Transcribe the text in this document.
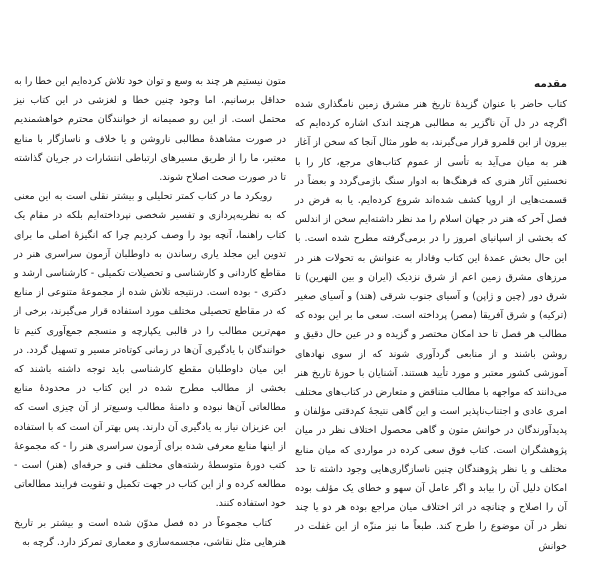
مقدمه

کتاب حاضر با عنوان گزیدهٔ تاریخ هنر مشرق زمین نامگذاری شده اگرچه در دل آن ناگزیر به مطالبی هرچند اندک اشاره کرده‌ایم که بیرون از این قلمرو قرار می‌گیرند، به طور مثال آنجا که سخن از آغاز هنر به میان می‌آید به تأسی از عموم کتاب‌های مرجع، کار را با نخستین آثار هنری که فرهنگ‌ها به ادوار سنگ باژمی‌گردد و بعضاً در قسمت‌هایی از اروپا کشف شده‌اند شروع کرده‌ایم. یا به فرض در فصل آخر که هنر در جهان اسلام را مد نظر داشته‌ایم سخن از اندلس که بخشی از اسپانیای امروز را در برمی‌گرفته مطرح شده است. با این حال بخش عمدهٔ این کتاب وفادار به عنوانش به تحولات هنر در مرزهای مشرق زمین اعم از شرق نزدیک (ایران و بین النهرین) تا شرق دور (چین و ژاپن) و آسیای جنوب شرقی (هند) و آسیای صغیر (ترکیه) و شرق آفریقا (مصر) پرداخته است. سعی ما بر این بوده که مطالب هر فصل تا حد امکان مختصر و گزیده و در عین حال دقیق و روشن باشند و از منابعی گردآوری شوند که از سوی نهادهای آموزشی کشور معتبر و مورد تأیید هستند. آشنایان با حوزهٔ تاریخ هنر می‌دانند که مواجهه با مطالب متناقض و متعارض در کتاب‌های مختلف امری عادی و اجتناب‌ناپذیر است و این گاهی نتیجهٔ کم‌دقتی مؤلفان و پدیدآورندگان در خوانش متون و گاهی محصول اختلاف نظر در میان پژوهشگران است. کتاب فوق سعی کرده در مواردی که میان منابع مختلف و یا نظر پژوهندگان چنین ناسازگاری‌هایی وجود داشته تا حد امکان دلیل آن را بیابد و اگر عامل آن سهو و خطای یک مؤلف بوده آن را اصلاح و چنانچه در اثر اختلاف میان مراجع بوده هر دو یا چند نظر در آن موضوع را طرح کند. طبعاً ما نیز منزّه از این غفلت در خوانش

متون نیستیم هر چند به وسع و توان خود تلاش کرده‌ایم این خطا را به حداقل برسانیم. اما وجود چنین خطا و لغزشی در این کتاب نیز محتمل است. از این رو صمیمانه از خوانندگان محترم خواهشمندیم در صورت مشاهدهٔ مطالبی ناروشن و یا خلاف و ناسازگار با منابع معتبر، ما را از طریق مسیرهای ارتباطی انتشارات در جریان گذاشته تا در صورت صحت اصلاح شوند.

رویکرد ما در کتاب کمتر تحلیلی و بیشتر نقلی است به این معنی که به نظریه‌پردازی و تفسیر شخصی نپرداخته‌ایم بلکه در مقام یک کتاب راهنما، آنچه بود را وصف کردیم چرا که انگیزهٔ اصلی ما برای تدوین این مجلد یاری رساندن به داوطلبان آزمون سراسری هنر در مقاطع کاردانی و کارشناسی و تحصیلات تکمیلی - کارشناسی ارشد و دکتری - بوده است. درنتیجه تلاش شده از مجموعهٔ متنوعی از منابع که در مقاطع تحصیلی مختلف مورد استفاده قرار می‌گیرند، برخی از مهم‌ترین مطالب را در قالبی یکپارچه و منسجم جمع‌آوری کنیم تا خوانندگان با یادگیری آن‌ها در زمانی کوتاه‌تر مسیر و تسهیل گردد. در این میان داوطلبان مقطع کارشناسی باید توجه داشته باشند که بخشی از مطالب مطرح شده در این کتاب در محدودهٔ منابع مطالعاتی آن‌ها نبوده و دامنهٔ مطالب وسیع‌تر از آن چیزی است که این عزیزان نیاز به یادگیری آن دارند. پس بهتر آن است که با استفاده از اینها منابع معرفی شده برای آزمون سراسری هنر را - که مجموعهٔ کتب دورهٔ متوسطهٔ رشته‌های مختلف فنی و حرفه‌ای (هنر) است - مطالعه کرده و از این کتاب در جهت تکمیل و تقویت فرایند مطالعاتی خود استفاده کنند.

کتاب مجموعاً در ده فصل مدوّن شده است و بیشتر بر تاریخ هنرهایی مثل نقاشی، مجسمه‌سازی و معماری تمرکز دارد. گرچه به
